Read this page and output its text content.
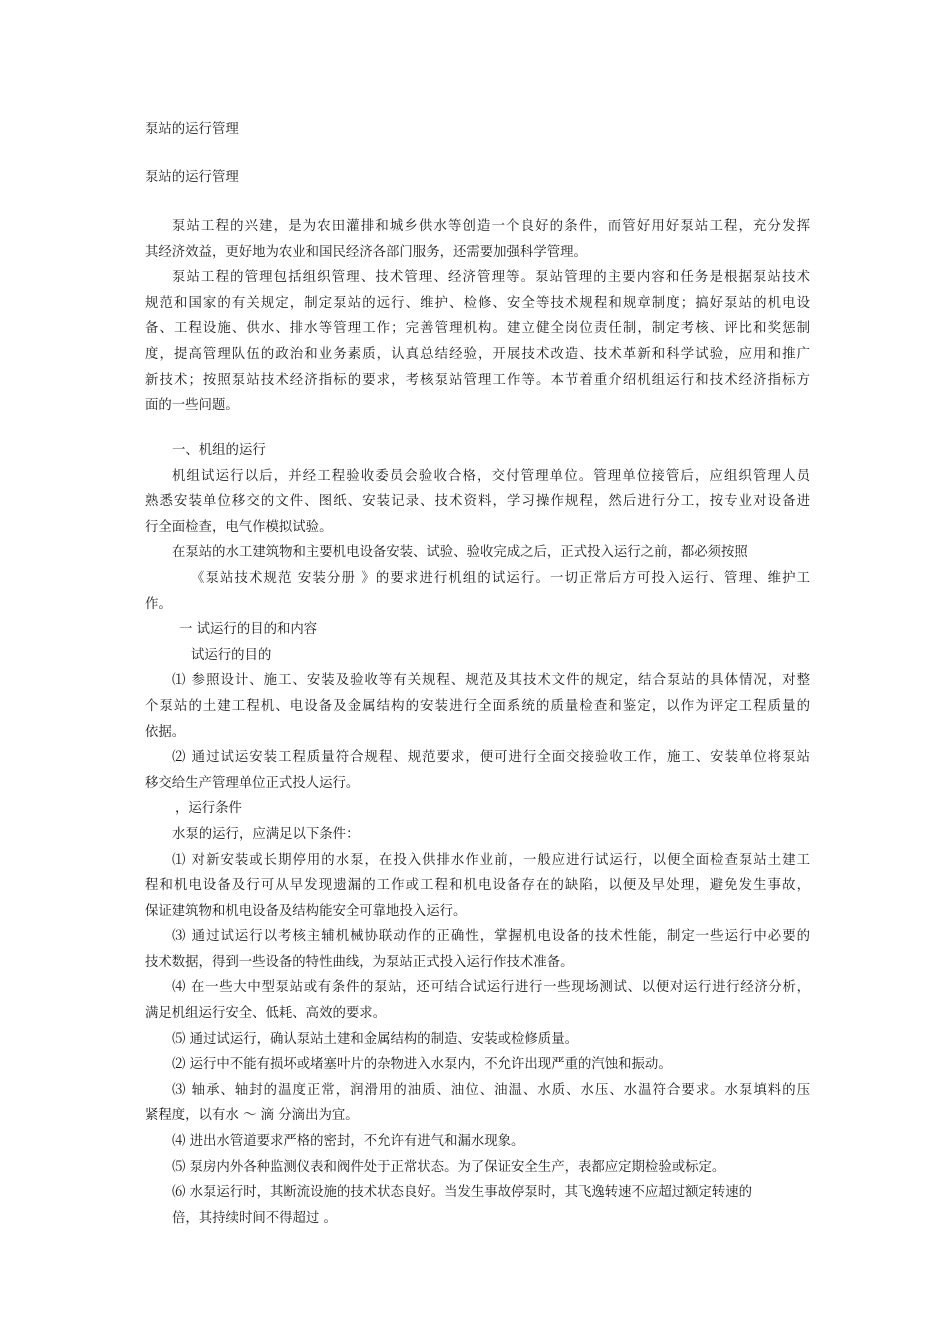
泵站的运行管理
泵站的运行管理
泵站工程的兴建，是为农田灌排和城乡供水等创造一个良好的条件，而管好用好泵站工程，充分发挥
其经济效益，更好地为农业和国民经济各部门服务，还需要加强科学管理。
泵站工程的管理包括组织管理、技术管理、经济管理等。泵站管理的主要内容和任务是根据泵站技术
规范和国家的有关规定，制定泵站的远行、维护、检修、安全等技术规程和规章制度；搞好泵站的机电设
备、工程设施、供水、排水等管理工作；完善管理机构。建立健全岗位责任制，制定考核、评比和奖惩制
度，提高管理队伍的政治和业务素质，认真总结经验，开展技术改造、技术革新和科学试验，应用和推广
新技术；按照泵站技术经济指标的要求，考核泵站管理工作等。本节着重介绍机组运行和技术经济指标方
面的一些问题。
一、机组的运行
机组试运行以后，并经工程验收委员会验收合格，交付管理单位。管理单位接管后，应组织管理人员
熟悉安装单位移交的文件、图纸、安装记录、技术资料，学习操作规程，然后进行分工，按专业对设备进
行全面检查，电气作模拟试验。
在泵站的水工建筑物和主要机电设备安装、试验、验收完成之后，正式投入运行之前，都必须按照
《泵站技术规范 安装分册 》的要求进行机组的试运行。一切正常后方可投入运行、管理、维护工
作。
一 试运行的目的和内容
试运行的目的
⑴ 参照设计、施工、安装及验收等有关规程、规范及其技术文件的规定，结合泵站的具体情况，对整
个泵站的土建工程机、电设备及金属结构的安装进行全面系统的质量检查和鉴定，以作为评定工程质量的
依据。
⑵ 通过试运安装工程质量符合规程、规范要求，便可进行全面交接验收工作，施工、安装单位将泵站
移交给生产管理单位正式投人运行。
，运行条件
水泵的运行，应满足以下条件：
⑴ 对新安装或长期停用的水泵，在投入供排水作业前，一般应进行试运行，以便全面检查泵站土建工
程和机电设备及行可从早发现遗漏的工作或工程和机电设备存在的缺陷，以便及早处理，避免发生事故，
保证建筑物和机电设备及结构能安全可靠地投入运行。
⑶ 通过试运行以考核主辅机械协联动作的正确性，掌握机电设备的技术性能，制定一些运行中必要的
技术数据，得到一些设备的特性曲线，为泵站正式投入运行作技术准备。
⑷ 在一些大中型泵站或有条件的泵站，还可结合试运行进行一些现场测试、以便对运行进行经济分析，
满足机组运行安全、低耗、高效的要求。
⑸ 通过试运行，确认泵站土建和金属结构的制造、安装或检修质量。
⑵ 运行中不能有损坏或堵塞叶片的杂物进入水泵内，不允许出现严重的汽蚀和振动。
⑶ 轴承、轴封的温度正常，润滑用的油质、油位、油温、水质、水压、水温符合要求。水泵填料的压
紧程度，以有水 ～ 滴 分滴出为宜。
⑷ 进出水管道要求严格的密封，不允许有进气和漏水现象。
⑸ 泵房内外各种监测仪表和阀件处于正常状态。为了保证安全生产，表都应定期检验或标定。
⑹ 水泵运行时，其断流设施的技术状态良好。当发生事故停泵时，其飞逸转速不应超过额定转速的
倍，其持续时间不得超过 。
